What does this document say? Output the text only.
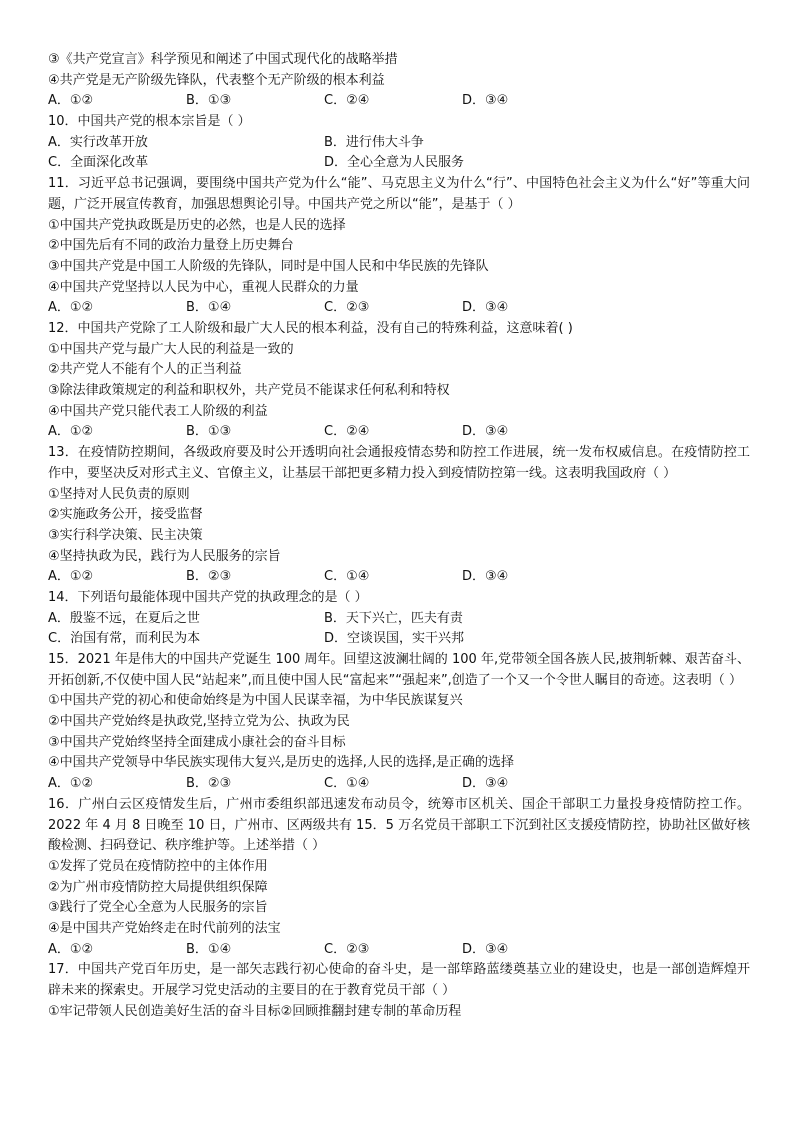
③《共产党宣言》科学预见和阐述了中国式现代化的战略举措
④共产党是无产阶级先锋队，代表整个无产阶级的根本利益
A．①②	B．①③	C．②④	D．③④
10．中国共产党的根本宗旨是（ ）
A．实行改革开放	B．进行伟大斗争
C．全面深化改革	D．全心全意为人民服务
11．习近平总书记强调，要围绕中国共产党为什么“能”、马克思主义为什么“行”、中国特色社会主义为什么“好”等重大问题，广泛开展宣传教育，加强思想舆论引导。中国共产党之所以“能”，是基于（ ）
①中国共产党执政既是历史的必然，也是人民的选择
②中国先后有不同的政治力量登上历史舞台
③中国共产党是中国工人阶级的先锋队，同时是中国人民和中华民族的先锋队
④中国共产党坚持以人民为中心，重视人民群众的力量
A．①②	B．①④	C．②③	D．③④
12．中国共产党除了工人阶级和最广大人民的根本利益，没有自己的特殊利益，这意味着( )
①中国共产党与最广大人民的利益是一致的
②共产党人不能有个人的正当利益
③除法律政策规定的利益和职权外，共产党员不能谋求任何私利和特权
④中国共产党只能代表工人阶级的利益
A．①②	B．①③	C．②④	D．③④
13．在疫情防控期间，各级政府要及时公开透明向社会通报疫情态势和防控工作进展，统一发布权威信息。在疫情防控工作中，要坚决反对形式主义、官僚主义，让基层干部把更多精力投入到疫情防控第一线。这表明我国政府（ ）
①坚持对人民负责的原则
②实施政务公开，接受监督
③实行科学决策、民主决策
④坚持执政为民，践行为人民服务的宗旨
A．①②	B．②③	C．①④	D．③④
14．下列语句最能体现中国共产党的执政理念的是（ ）
A．殷鉴不远，在夏后之世	B．天下兴亡，匹夫有责
C．治国有常，而利民为本	D．空谈误国，实干兴邦
15．2021 年是伟大的中国共产党诞生 100 周年。回望这波澜壮阔的 100 年,党带领全国各族人民,披荆斩棘、艰苦奋斗、开拓创新,不仅使中国人民“站起来”,而且使中国人民“富起来”“强起来”,创造了一个又一个令世人瞩目的奇迹。这表明（ ）
①中国共产党的初心和使命始终是为中国人民谋幸福，为中华民族谋复兴
②中国共产党始终是执政党,坚持立党为公、执政为民
③中国共产党始终坚持全面建成小康社会的奋斗目标
④中国共产党领导中华民族实现伟大复兴,是历史的选择,人民的选择,是正确的选择
A．①②	B．②③	C．①④	D．③④
16．广州白云区疫情发生后，广州市委组织部迅速发布动员令，统筹市区机关、国企干部职工力量投身疫情防控工作。2022 年 4 月 8 日晚至 10 日，广州市、区两级共有 15．5 万名党员干部职工下沉到社区支援疫情防控，协助社区做好核酸检测、扫码登记、秩序维护等。上述举措（ ）
①发挥了党员在疫情防控中的主体作用
②为广州市疫情防控大局提供组织保障
③践行了党全心全意为人民服务的宗旨
④是中国共产党始终走在时代前列的法宝
A．①②	B．①④	C．②③	D．③④
17．中国共产党百年历史，是一部矢志践行初心使命的奋斗史，是一部筚路蓝缕奠基立业的建设史，也是一部创造辉煌开辟未来的探索史。开展学习党史活动的主要目的在于教育党员干部（ ）
①牢记带领人民创造美好生活的奋斗目标②回顾推翻封建专制的革命历程
